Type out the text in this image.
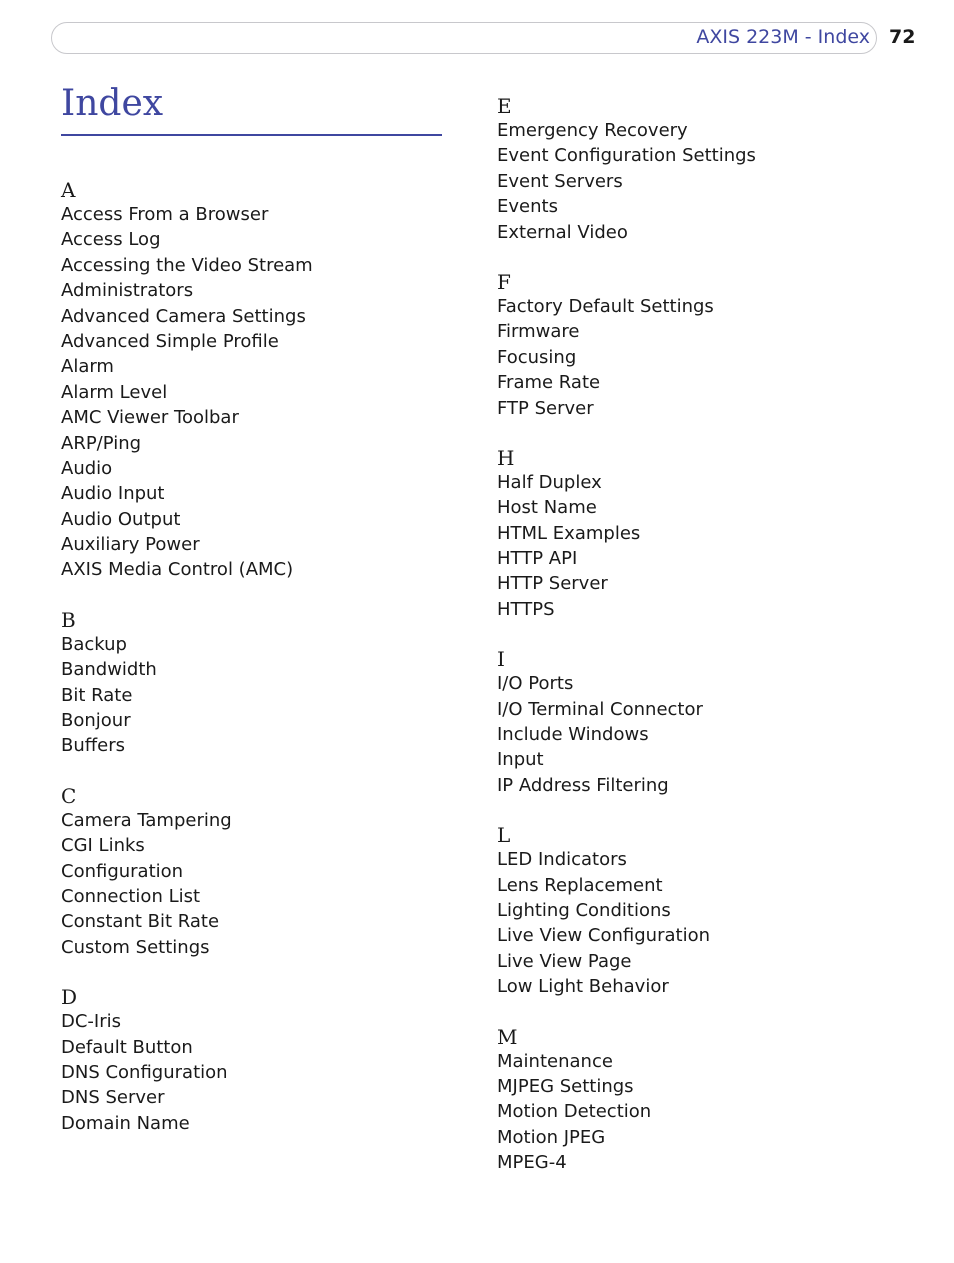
AXIS 223M - Index 72
Index
A
Access From a Browser
Access Log
Accessing the Video Stream
Administrators
Advanced Camera Settings
Advanced Simple Profile
Alarm
Alarm Level
AMC Viewer Toolbar
ARP/Ping
Audio
Audio Input
Audio Output
Auxiliary Power
AXIS Media Control (AMC)
B
Backup
Bandwidth
Bit Rate
Bonjour
Buffers
C
Camera Tampering
CGI Links
Configuration
Connection List
Constant Bit Rate
Custom Settings
D
DC-Iris
Default Button
DNS Configuration
DNS Server
Domain Name
E
Emergency Recovery
Event Configuration Settings
Event Servers
Events
External Video
F
Factory Default Settings
Firmware
Focusing
Frame Rate
FTP Server
H
Half Duplex
Host Name
HTML Examples
HTTP API
HTTP Server
HTTPS
I
I/O Ports
I/O Terminal Connector
Include Windows
Input
IP Address Filtering
L
LED Indicators
Lens Replacement
Lighting Conditions
Live View Configuration
Live View Page
Low Light Behavior
M
Maintenance
MJPEG Settings
Motion Detection
Motion JPEG
MPEG-4
